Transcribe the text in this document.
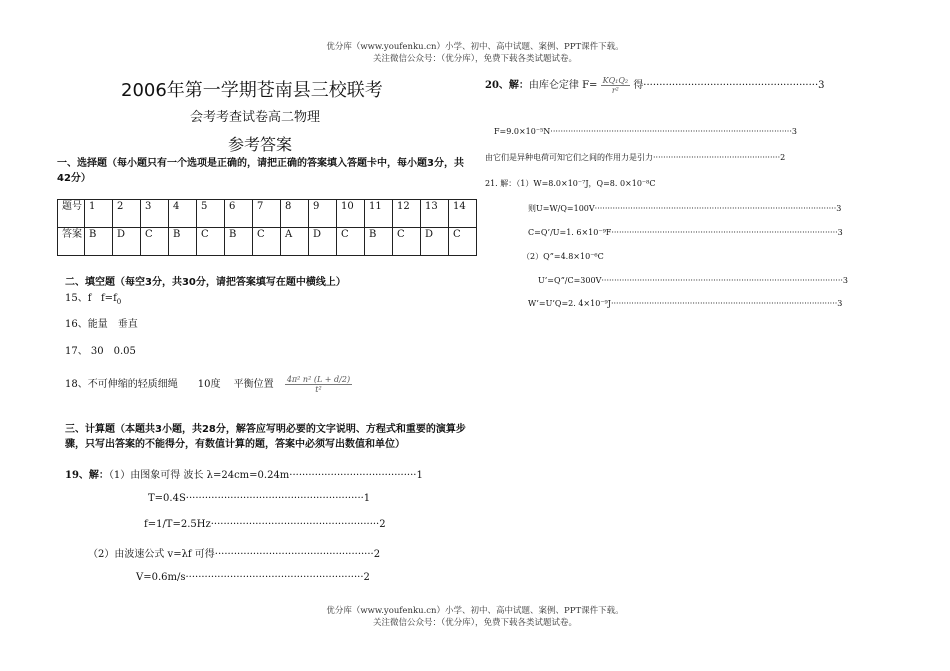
优分库（www.youfenku.cn）小学、初中、高中试题、案例、PPT课件下载。
关注微信公众号：（优分库），免费下载各类试题试卷。
2006年第一学期苍南县三校联考
会考考查试卷高二物理
参考答案
一、选择题（每小题只有一个选项是正确的，请把正确的答案填入答题卡中，每小题3分，共42分）
题号	1	2	3	4	5	6	7	8	9	10	11	12	13	14
答案	B	D	C	B	C	B	C	A	D	C	B	C	D	C
二、填空题（每空3分，共30分，请把答案填写在题中横线上）
15、f $f=f_0$
16、能量　垂直
17、 30　0.05
18、不可伸缩的轻质细绳　　10度　 平衡位置 $\frac{\text{4π² n² (L + d/2)}}{\text{t²}}$
三、计算题（本题共3小题，共28分，解答应写明必要的文字说明、方程式和重要的演算步骤，只写出答案的不能得分，有数值计算的题，答案中必须写出数值和单位）
19、解：（1）由图象可得 波长 λ=24cm=0.24m········································1
T=0.4S························································1
f=1/T=2.5Hz·····················································2
（2）由波速公式 v=λf 可得··················································2
V=0.6m/s························································2
20、解：由库仑定律 $F= \frac{\text{KQ₁Q₂}}{\text{r²}}$ 得·······················································3
F=9.0×10⁻⁵N·······························································································3
由它们是异种电荷可知它们之间的作用力是引力··················································2
21. 解：（1）W=8.0×10⁻⁷J，Q=8. 0×10⁻⁸C
则U=W/Q=100V·······························································································3
C=Q’/U=1. 6×10⁻⁹F·························································································3
（2）Q”=4.8×10⁻⁶C
U’=Q”/C=300V·······························································································3
W’=U’Q=2. 4×10⁻⁹J·························································································3
优分库（www.youfenku.cn）小学、初中、高中试题、案例、PPT课件下载。
关注微信公众号：（优分库），免费下载各类试题试卷。
